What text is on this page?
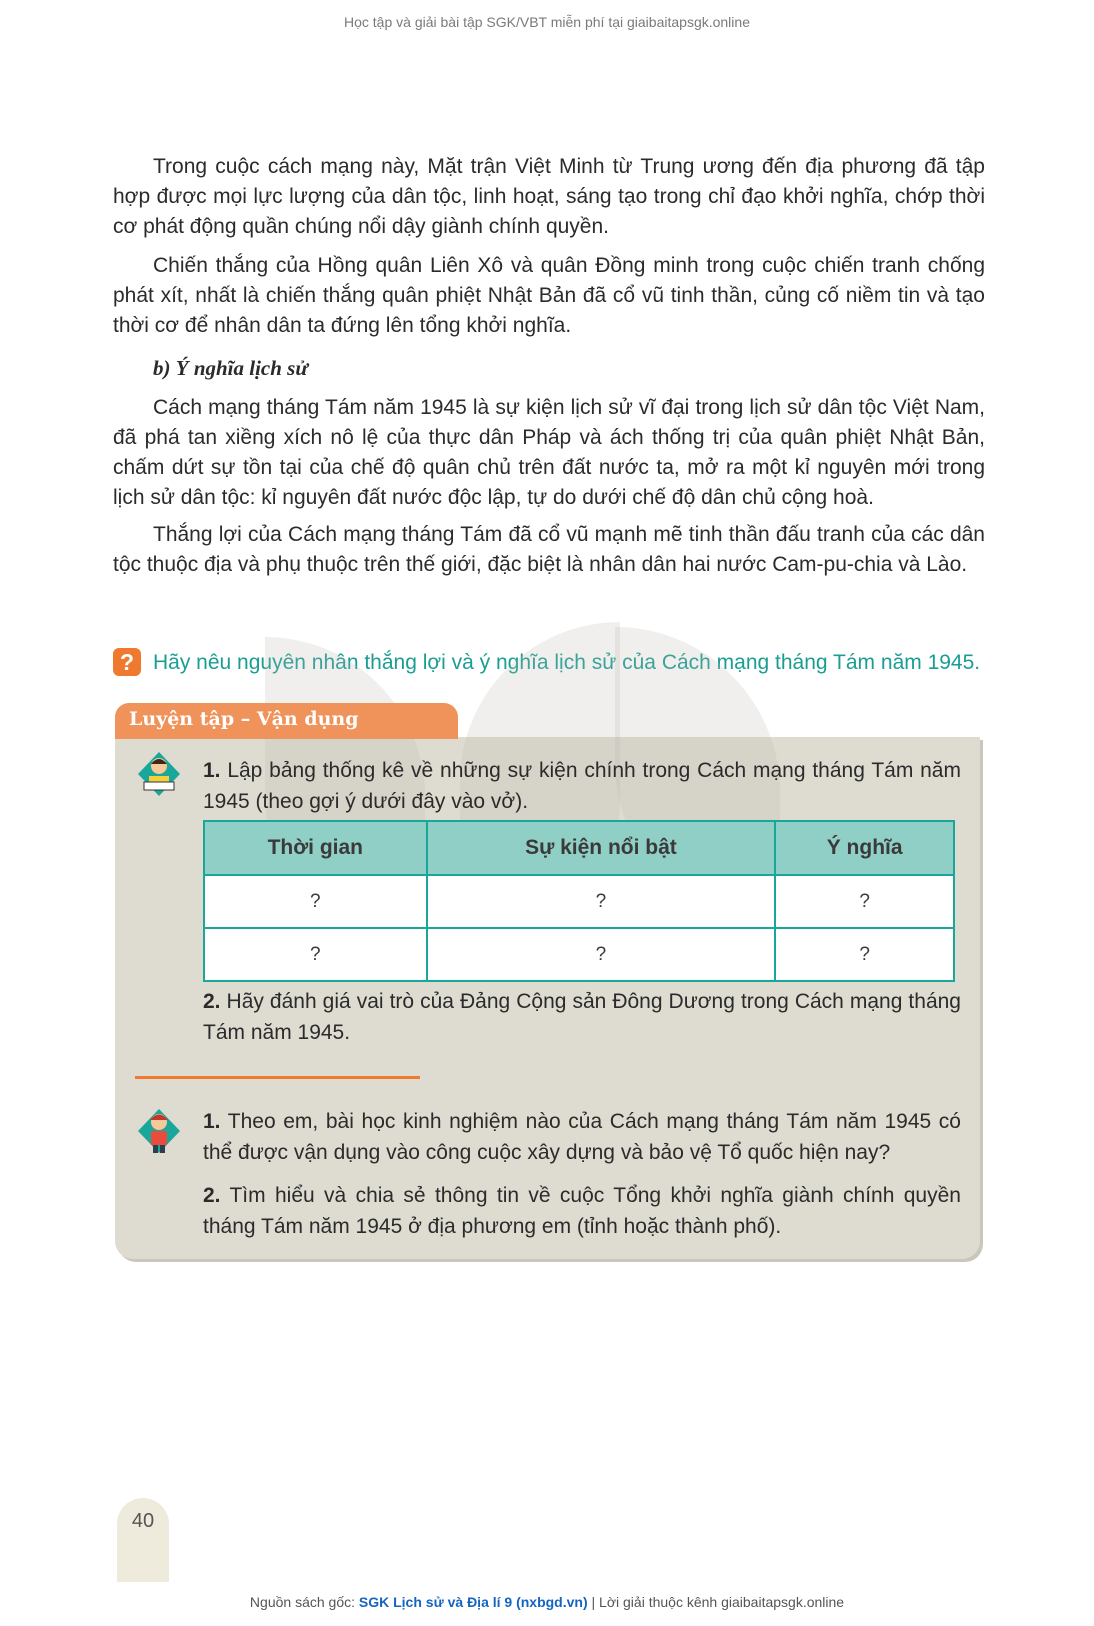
Học tập và giải bài tập SGK/VBT miễn phí tại giaibaitapsgk.online
Trong cuộc cách mạng này, Mặt trận Việt Minh từ Trung ương đến địa phương đã tập hợp được mọi lực lượng của dân tộc, linh hoạt, sáng tạo trong chỉ đạo khởi nghĩa, chớp thời cơ phát động quần chúng nổi dậy giành chính quyền.
Chiến thắng của Hồng quân Liên Xô và quân Đồng minh trong cuộc chiến tranh chống phát xít, nhất là chiến thắng quân phiệt Nhật Bản đã cổ vũ tinh thần, củng cố niềm tin và tạo thời cơ để nhân dân ta đứng lên tổng khởi nghĩa.
b) Ý nghĩa lịch sử
Cách mạng tháng Tám năm 1945 là sự kiện lịch sử vĩ đại trong lịch sử dân tộc Việt Nam, đã phá tan xiềng xích nô lệ của thực dân Pháp và ách thống trị của quân phiệt Nhật Bản, chấm dứt sự tồn tại của chế độ quân chủ trên đất nước ta, mở ra một kỉ nguyên mới trong lịch sử dân tộc: kỉ nguyên đất nước độc lập, tự do dưới chế độ dân chủ cộng hoà.
Thắng lợi của Cách mạng tháng Tám đã cổ vũ mạnh mẽ tinh thần đấu tranh của các dân tộc thuộc địa và phụ thuộc trên thế giới, đặc biệt là nhân dân hai nước Cam-pu-chia và Lào.
? Hãy nêu nguyên nhân thắng lợi và ý nghĩa lịch sử của Cách mạng tháng Tám năm 1945.
Luyện tập – Vận dụng
1. Lập bảng thống kê về những sự kiện chính trong Cách mạng tháng Tám năm 1945 (theo gợi ý dưới đây vào vở).
Thời gian	Sự kiện nổi bật	Ý nghĩa
?	?	?
?	?	?
2. Hãy đánh giá vai trò của Đảng Cộng sản Đông Dương trong Cách mạng tháng Tám năm 1945.
1. Theo em, bài học kinh nghiệm nào của Cách mạng tháng Tám năm 1945 có thể được vận dụng vào công cuộc xây dựng và bảo vệ Tổ quốc hiện nay?
2. Tìm hiểu và chia sẻ thông tin về cuộc Tổng khởi nghĩa giành chính quyền tháng Tám năm 1945 ở địa phương em (tỉnh hoặc thành phố).
40
Nguồn sách gốc: SGK Lịch sử và Địa lí 9 (nxbgd.vn) | Lời giải thuộc kênh giaibaitapsgk.online
